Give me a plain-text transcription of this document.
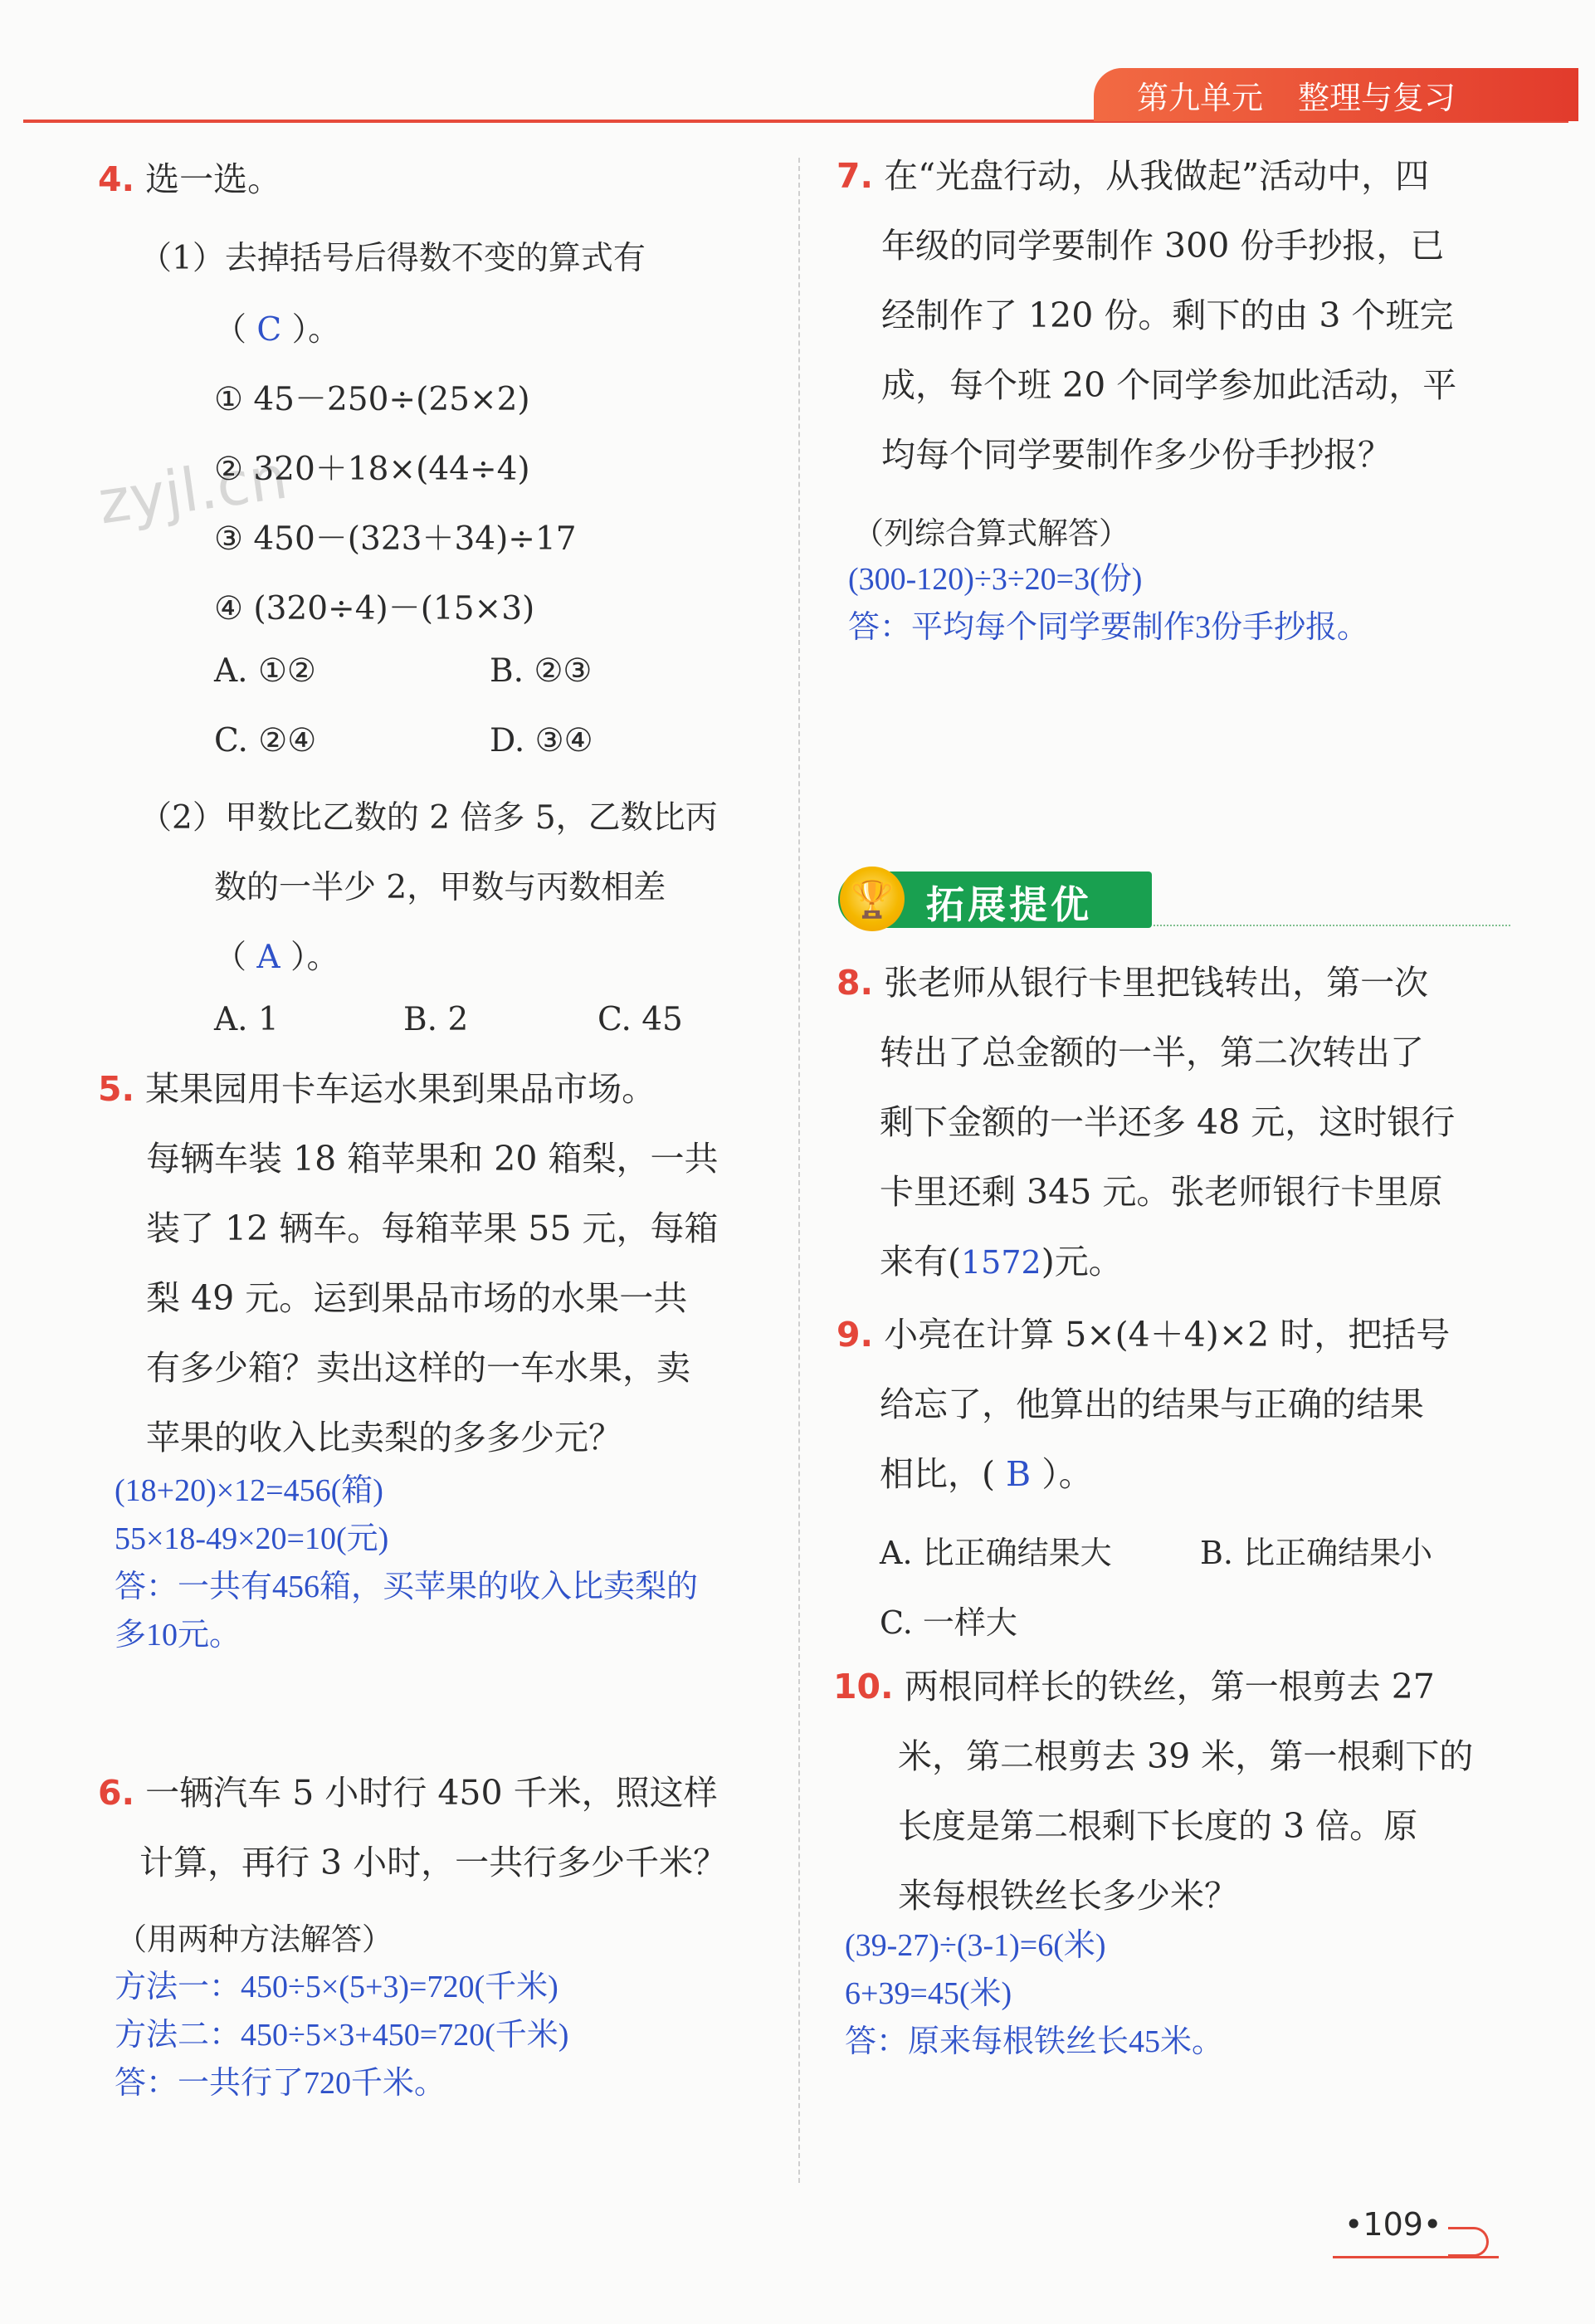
第九单元 整理与复习
zyjl.cn
4. 选一选。
（1）去掉括号后得数不变的算式有
（ C ）。
① 45－250÷(25×2)
② 320＋18×(44÷4)
③ 450－(323＋34)÷17
④ (320÷4)－(15×3)
A. ①②	B. ②③
C. ②④	D. ③④
（2）甲数比乙数的 2 倍多 5，乙数比丙
数的一半少 2，甲数与丙数相差
（ A ）。
A. 1	B. 2	C. 45
5. 某果园用卡车运水果到果品市场。
每辆车装 18 箱苹果和 20 箱梨，一共
装了 12 辆车。每箱苹果 55 元，每箱
梨 49 元。运到果品市场的水果一共
有多少箱？卖出这样的一车水果，卖
苹果的收入比卖梨的多多少元？
(18+20)×12=456(箱)
55×18-49×20=10(元)
答：一共有456箱，买苹果的收入比卖梨的
多10元。
6. 一辆汽车 5 小时行 450 千米，照这样
计算，再行 3 小时，一共行多少千米？
（用两种方法解答）
方法一：450÷5×(5+3)=720(千米)
方法二：450÷5×3+450=720(千米)
答：一共行了720千米。
7. 在“光盘行动，从我做起”活动中，四
年级的同学要制作 300 份手抄报，已
经制作了 120 份。剩下的由 3 个班完
成，每个班 20 个同学参加此活动，平
均每个同学要制作多少份手抄报？
（列综合算式解答）
(300-120)÷3÷20=3(份)
答：平均每个同学要制作3份手抄报。
🏆 拓展提优
8. 张老师从银行卡里把钱转出，第一次
转出了总金额的一半，第二次转出了
剩下金额的一半还多 48 元，这时银行
卡里还剩 345 元。张老师银行卡里原
来有(1572)元。
9. 小亮在计算 5×(4＋4)×2 时，把括号
给忘了，他算出的结果与正确的结果
相比，( B ）。
A. 比正确结果大	B. 比正确结果小
C. 一样大
10. 两根同样长的铁丝，第一根剪去 27
米，第二根剪去 39 米，第一根剩下的
长度是第二根剩下长度的 3 倍。原
来每根铁丝长多少米？
(39-27)÷(3-1)=6(米)
6+39=45(米)
答：原来每根铁丝长45米。
•109•
